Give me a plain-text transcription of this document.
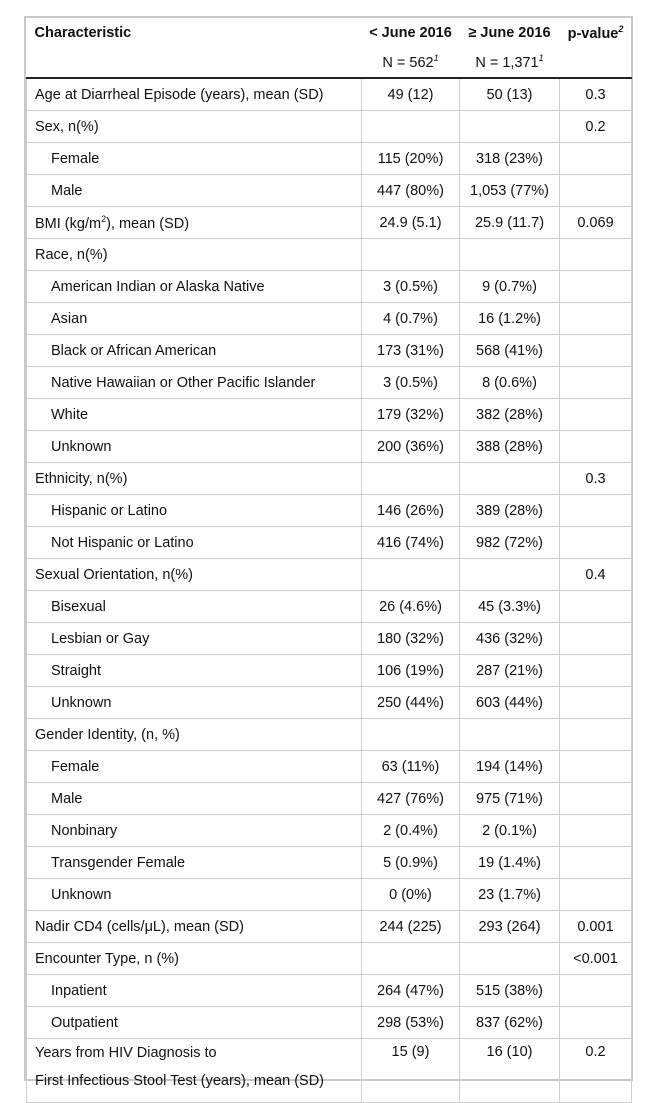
Characteristic	< June 2016	≥ June 2016	p-value$^2$
	$N = 562^1$	$N = 1,371^1$	
Age at Diarrheal Episode (years), mean (SD)	49 (12)	50 (13)	0.3
Sex, n(%)			0.2
Female	115 (20%)	318 (23%)	
Male	447 (80%)	1,053 (77%)	
BMI $(kg/m^2)$, mean (SD)	24.9 (5.1)	25.9 (11.7)	0.069
Race, n(%)			
American Indian or Alaska Native	3 (0.5%)	9 (0.7%)	
Asian	4 (0.7%)	16 (1.2%)	
Black or African American	173 (31%)	568 (41%)	
Native Hawaiian or Other Pacific Islander	3 (0.5%)	8 (0.6%)	
White	179 (32%)	382 (28%)	
Unknown	200 (36%)	388 (28%)	
Ethnicity, n(%)			0.3
Hispanic or Latino	146 (26%)	389 (28%)	
Not Hispanic or Latino	416 (74%)	982 (72%)	
Sexual Orientation, n(%)			0.4
Bisexual	26 (4.6%)	45 (3.3%)	
Lesbian or Gay	180 (32%)	436 (32%)	
Straight	106 (19%)	287 (21%)	
Unknown	250 (44%)	603 (44%)	
Gender Identity, (n, %)			
Female	63 (11%)	194 (14%)	
Male	427 (76%)	975 (71%)	
Nonbinary	2 (0.4%)	2 (0.1%)	
Transgender Female	5 (0.9%)	19 (1.4%)	
Unknown	0 (0%)	23 (1.7%)	
Nadir CD4 (cells/μL), mean (SD)	244 (225)	293 (264)	0.001
Encounter Type, n (%)			<0.001
Inpatient	264 (47%)	515 (38%)	
Outpatient	298 (53%)	837 (62%)	
Years from HIV Diagnosis to
First Infectious Stool Test (years), mean (SD)	15 (9)	16 (10)	0.2
